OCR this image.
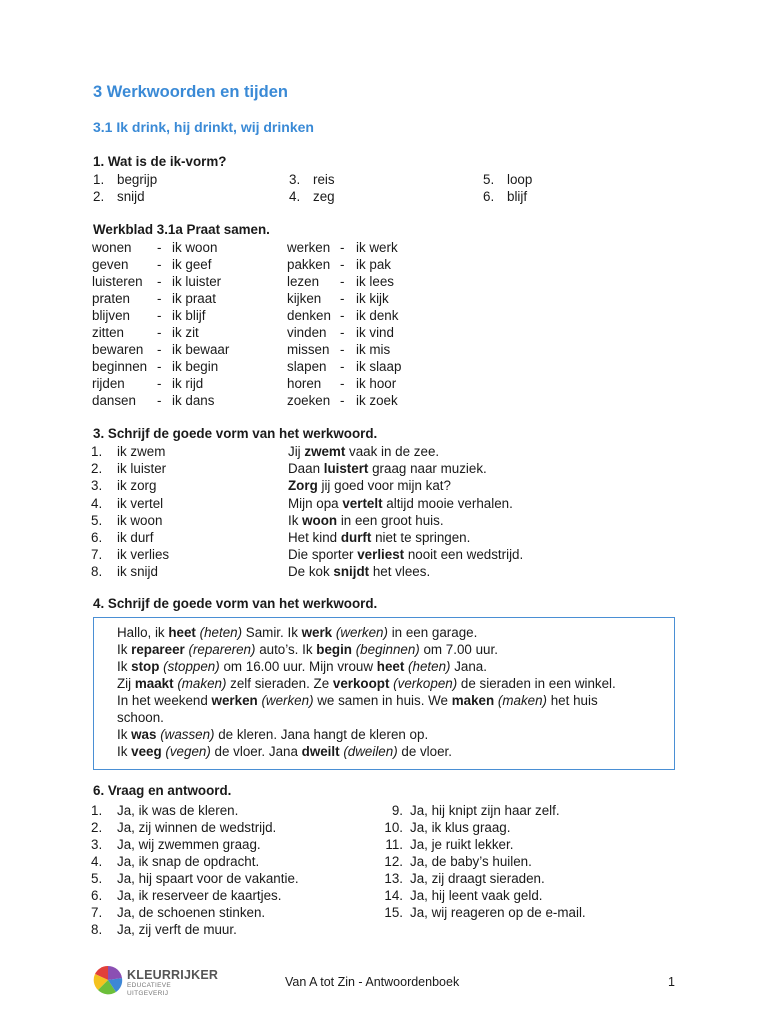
3 Werkwoorden en tijden
3.1 Ik drink, hij drinkt, wij drinken
1. Wat is de ik-vorm?
1. begrijp
2. snijd
3. reis
4. zeg
5. loop
6. blijf
Werkblad 3.1a Praat samen.
wonen - ik woon	werken - ik werk
geven - ik geef	pakken - ik pak
luisteren - ik luister	lezen - ik lees
praten - ik praat	kijken - ik kijk
blijven - ik blijf	denken - ik denk
zitten - ik zit	vinden - ik vind
bewaren - ik bewaar	missen - ik mis
beginnen - ik begin	slapen - ik slaap
rijden - ik rijd	horen - ik hoor
dansen - ik dans	zoeken - ik zoek
3. Schrijf de goede vorm van het werkwoord.
1. ik zwem	Jij zwemt vaak in de zee.
2. ik luister	Daan luistert graag naar muziek.
3. ik zorg	Zorg jij goed voor mijn kat?
4. ik vertel	Mijn opa vertelt altijd mooie verhalen.
5. ik woon	Ik woon in een groot huis.
6. ik durf	Het kind durft niet te springen.
7. ik verlies	Die sporter verliest nooit een wedstrijd.
8. ik snijd	De kok snijdt het vlees.
4. Schrijf de goede vorm van het werkwoord.
Hallo, ik heet (heten) Samir. Ik werk (werken) in een garage.
Ik repareer (repareren) auto’s. Ik begin (beginnen) om 7.00 uur.
Ik stop (stoppen) om 16.00 uur. Mijn vrouw heet (heten) Jana.
Zij maakt (maken) zelf sieraden. Ze verkoopt (verkopen) de sieraden in een winkel.
In het weekend werken (werken) we samen in huis. We maken (maken) het huis
schoon.
Ik was (wassen) de kleren. Jana hangt de kleren op.
Ik veeg (vegen) de vloer. Jana dweilt (dweilen) de vloer.
6. Vraag en antwoord.
1. Ja, ik was de kleren.
2. Ja, zij winnen de wedstrijd.
3. Ja, wij zwemmen graag.
4. Ja, ik snap de opdracht.
5. Ja, hij spaart voor de vakantie.
6. Ja, ik reserveer de kaartjes.
7. Ja, de schoenen stinken.
8. Ja, zij verft de muur.
9. Ja, hij knipt zijn haar zelf.
10. Ja, ik klus graag.
11. Ja, je ruikt lekker.
12. Ja, de baby’s huilen.
13. Ja, zij draagt sieraden.
14. Ja, hij leent vaak geld.
15. Ja, wij reageren op de e-mail.
KLEURRIJKER
EDUCATIEVE UITGEVERIJ
Van A tot Zin - Antwoordenboek	1
